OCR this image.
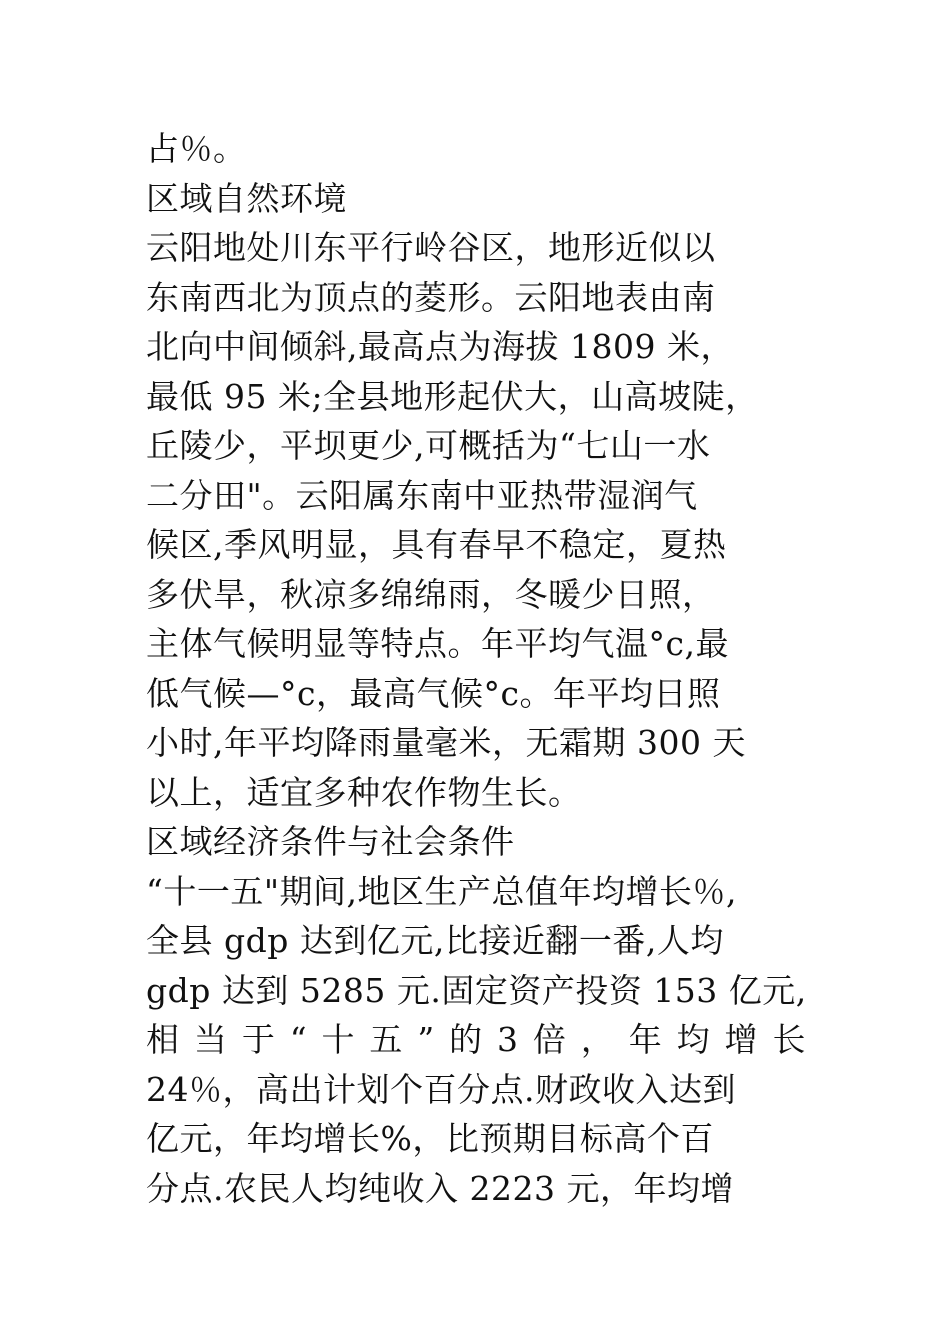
占％。
区域自然环境
云阳地处川东平行岭谷区，地形近似以
东南西北为顶点的菱形。云阳地表由南
北向中间倾斜,最高点为海拔 1809 米，
最低 95 米;全县地形起伏大，山高坡陡，
丘陵少，平坝更少,可概括为“七山一水
二分田"。云阳属东南中亚热带湿润气
候区,季风明显，具有春早不稳定，夏热
多伏旱，秋凉多绵绵雨，冬暖少日照，
主体气候明显等特点。年平均气温°c,最
低气候—°c，最高气候°c。年平均日照
小时,年平均降雨量毫米，无霜期 300 天
以上，适宜多种农作物生长。
区域经济条件与社会条件
“十一五"期间,地区生产总值年均增长％,
全县 gdp 达到亿元,比接近翻一番,人均
gdp 达到 5285 元.固定资产投资 153 亿元,
相 当 于 “ 十 五 ” 的 3 倍 ， 年 均 增 长
24％，高出计划个百分点.财政收入达到
亿元，年均增长%，比预期目标高个百
分点.农民人均纯收入 2223 元，年均增
